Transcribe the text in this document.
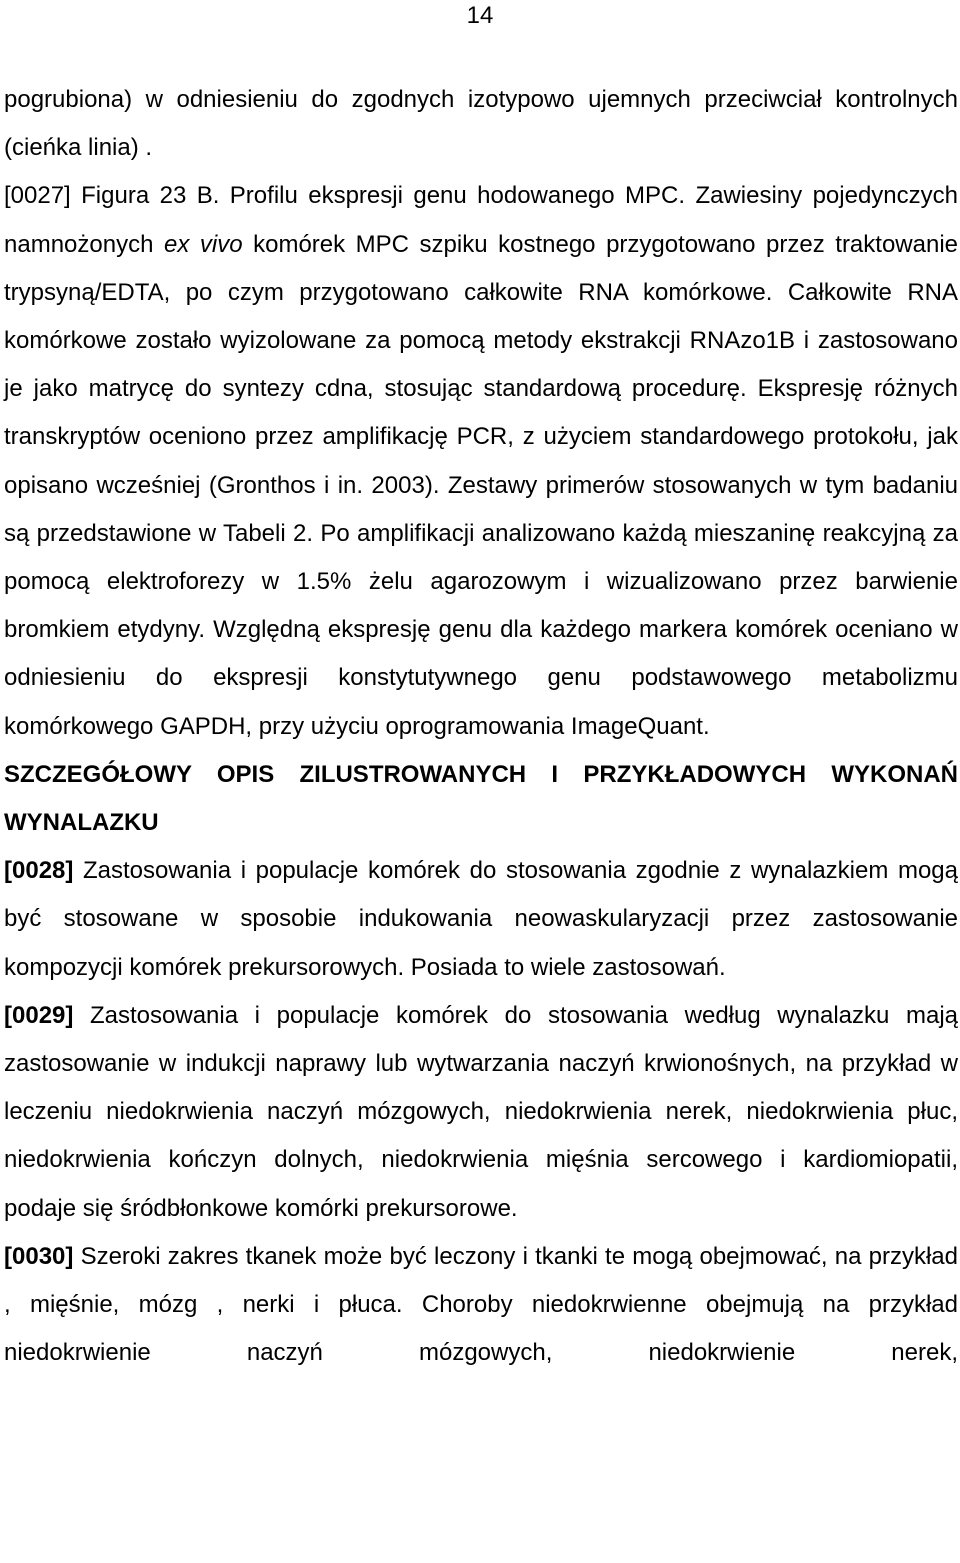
14

pogrubiona) w odniesieniu do zgodnych izotypowo ujemnych przeciwciał kontrolnych (cieńka linia) .

[0027] Figura 23 B. Profilu ekspresji genu hodowanego MPC. Zawiesiny pojedynczych namnożonych ex vivo komórek MPC szpiku kostnego przygotowano przez traktowanie trypsyną/EDTA, po czym przygotowano całkowite RNA komórkowe. Całkowite RNA komórkowe zostało wyizolowane za pomocą metody ekstrakcji RNAzo1B i zastosowano je jako matrycę do syntezy cdna, stosując standardową procedurę. Ekspresję różnych transkryptów oceniono przez amplifikację PCR, z użyciem standardowego protokołu, jak opisano wcześniej (Gronthos i in. 2003). Zestawy primerów stosowanych w tym badaniu są przedstawione w Tabeli 2. Po amplifikacji analizowano każdą mieszaninę reakcyjną za pomocą elektroforezy w 1.5% żelu agarozowym i wizualizowano przez barwienie bromkiem etydyny. Względną ekspresję genu dla każdego markera komórek oceniano w odniesieniu do ekspresji konstytutywnego genu podstawowego metabolizmu komórkowego GAPDH, przy użyciu oprogramowania ImageQuant.

SZCZEGÓŁOWY OPIS ZILUSTROWANYCH I PRZYKŁADOWYCH WYKONAŃ WYNALAZKU

[0028] Zastosowania i populacje komórek do stosowania zgodnie z wynalazkiem mogą być stosowane w sposobie indukowania neowaskularyzacji przez zastosowanie kompozycji komórek prekursorowych. Posiada to wiele zastosowań.

[0029] Zastosowania i populacje komórek do stosowania według wynalazku mają zastosowanie w indukcji naprawy lub wytwarzania naczyń krwionośnych, na przykład w leczeniu niedokrwienia naczyń mózgowych, niedokrwienia nerek, niedokrwienia płuc, niedokrwienia kończyn dolnych, niedokrwienia mięśnia sercowego i kardiomiopatii, podaje się śródbłonkowe komórki prekursorowe.

[0030] Szeroki zakres tkanek może być leczony i tkanki te mogą obejmować, na przykład , mięśnie, mózg , nerki i płuca. Choroby niedokrwienne obejmują na przykład niedokrwienie naczyń mózgowych, niedokrwienie nerek,
